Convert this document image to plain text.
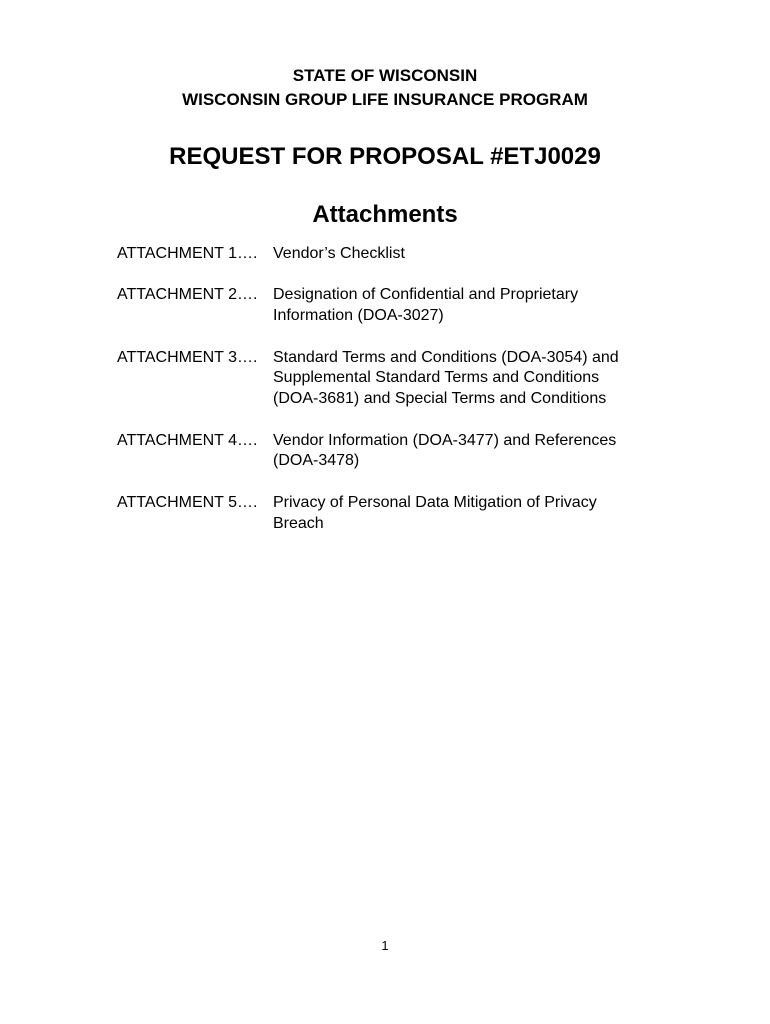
STATE OF WISCONSIN
WISCONSIN GROUP LIFE INSURANCE PROGRAM
REQUEST FOR PROPOSAL #ETJ0029
Attachments
ATTACHMENT 1…. Vendor’s Checklist
ATTACHMENT 2…. Designation of Confidential and Proprietary Information (DOA-3027)
ATTACHMENT 3…. Standard Terms and Conditions (DOA-3054) and Supplemental Standard Terms and Conditions (DOA-3681) and Special Terms and Conditions
ATTACHMENT 4…. Vendor Information (DOA-3477) and References (DOA-3478)
ATTACHMENT 5…. Privacy of Personal Data Mitigation of Privacy Breach
1
